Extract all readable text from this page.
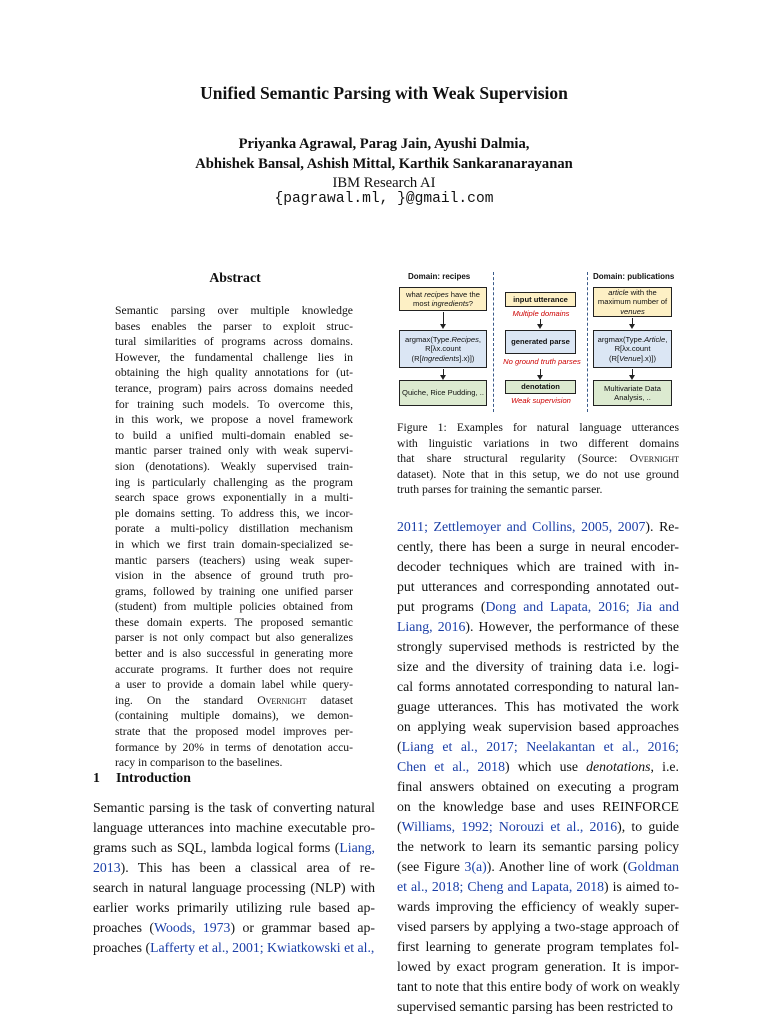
Unified Semantic Parsing with Weak Supervision
Priyanka Agrawal, Parag Jain, Ayushi Dalmia,
Abhishek Bansal, Ashish Mittal, Karthik Sankaranarayanan
IBM Research AI
{pagrawal.ml, }@gmail.com
Abstract
Semantic parsing over multiple knowledge
bases enables the parser to exploit struc-
tural similarities of programs across domains.
However, the fundamental challenge lies in
obtaining the high quality annotations for (ut-
terance, program) pairs across domains needed
for training such models. To overcome this,
in this work, we propose a novel framework
to build a unified multi-domain enabled se-
mantic parser trained only with weak supervi-
sion (denotations). Weakly supervised train-
ing is particularly challenging as the program
search space grows exponentially in a multi-
ple domains setting. To address this, we incor-
porate a multi-policy distillation mechanism
in which we first train domain-specialized se-
mantic parsers (teachers) using weak super-
vision in the absence of ground truth pro-
grams, followed by training one unified parser
(student) from multiple policies obtained from
these domain experts. The proposed semantic
parser is not only compact but also generalizes
better and is also successful in generating more
accurate programs. It further does not require
a user to provide a domain label while query-
ing. On the standard Overnight dataset
(containing multiple domains), we demon-
strate that the proposed model improves per-
formance by 20% in terms of denotation accu-
racy in comparison to the baselines.
1 Introduction
Semantic parsing is the task of converting natural
language utterances into machine executable pro-
grams such as SQL, lambda logical forms (Liang,
2013). This has been a classical area of re-
search in natural language processing (NLP) with
earlier works primarily utilizing rule based ap-
proaches (Woods, 1973) or grammar based ap-
proaches (Lafferty et al., 2001; Kwiatkowski et al.,
Domain: recipes	Domain: publications
what recipes have the most ingredients?	input utterance
article with the maximum number of venues
Multiple domains
argmax(Type.Recipes,
R[λx.count
(R[Ingredients].x)])
generated parse	argmax(Type.Article,
R[λx.count
(R[Venue].x)])
No ground truth parses
Quiche, Rice Pudding, ..
denotation	Multivariate Data Analysis, ..
Weak supervision
Figure 1: Examples for natural language utterances
with linguistic variations in two different domains
that share structural regularity (Source: Overnight
dataset). Note that in this setup, we do not use ground
truth parses for training the semantic parser.
2011; Zettlemoyer and Collins, 2005, 2007). Re-
cently, there has been a surge in neural encoder-
decoder techniques which are trained with in-
put utterances and corresponding annotated out-
put programs (Dong and Lapata, 2016; Jia and
Liang, 2016). However, the performance of these
strongly supervised methods is restricted by the
size and the diversity of training data i.e. logi-
cal forms annotated corresponding to natural lan-
guage utterances. This has motivated the work
on applying weak supervision based approaches
(Liang et al., 2017; Neelakantan et al., 2016;
Chen et al., 2018) which use denotations, i.e.
final answers obtained on executing a program
on the knowledge base and uses REINFORCE
(Williams, 1992; Norouzi et al., 2016), to guide
the network to learn its semantic parsing policy
(see Figure 3(a)). Another line of work (Goldman
et al., 2018; Cheng and Lapata, 2018) is aimed to-
wards improving the efficiency of weakly super-
vised parsers by applying a two-stage approach of
first learning to generate program templates fol-
lowed by exact program generation. It is impor-
tant to note that this entire body of work on weakly
supervised semantic parsing has been restricted to
